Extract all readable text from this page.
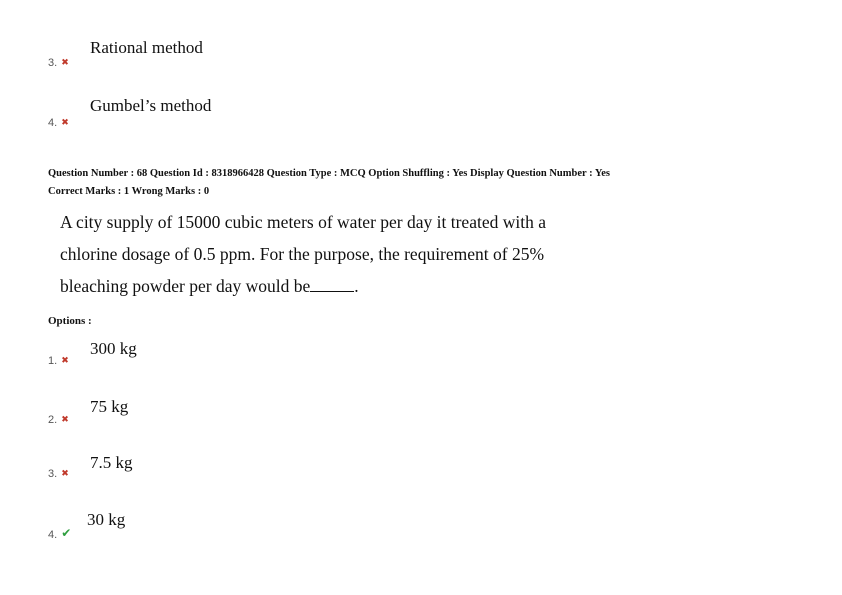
Rational method
3. ✖
Gumbel’s method
4. ✖
Question Number : 68 Question Id : 8318966428 Question Type : MCQ Option Shuffling : Yes Display Question Number : Yes
Correct Marks : 1 Wrong Marks : 0
A city supply of 15000 cubic meters of water per day it treated with a
chlorine dosage of 0.5 ppm. For the purpose, the requirement of 25%
bleaching powder per day would be	.
Options :
300 kg
1. ✖
75 kg
2. ✖
7.5 kg
3. ✖
30 kg
4. ✔
